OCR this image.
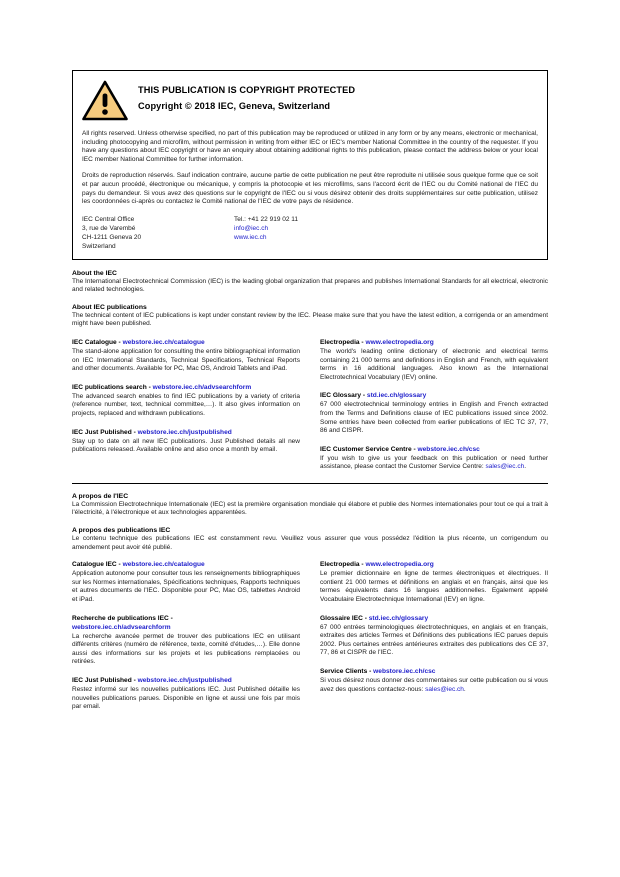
THIS PUBLICATION IS COPYRIGHT PROTECTED
Copyright © 2018 IEC, Geneva, Switzerland

All rights reserved. Unless otherwise specified, no part of this publication may be reproduced or utilized in any form or by any means, electronic or mechanical, including photocopying and microfilm, without permission in writing from either IEC or IEC's member National Committee in the country of the requester. If you have any questions about IEC copyright or have an enquiry about obtaining additional rights to this publication, please contact the address below or your local IEC member National Committee for further information.

Droits de reproduction réservés. Sauf indication contraire, aucune partie de cette publication ne peut être reproduite ni utilisée sous quelque forme que ce soit et par aucun procédé, électronique ou mécanique, y compris la photocopie et les microfilms, sans l'accord écrit de l'IEC ou du Comité national de l'IEC du pays du demandeur. Si vous avez des questions sur le copyright de l'IEC ou si vous désirez obtenir des droits supplémentaires sur cette publication, utilisez les coordonnées ci-après ou contactez le Comité national de l'IEC de votre pays de résidence.

IEC Central Office
3, rue de Varembé
CH-1211 Geneva 20
Switzerland
Tel.: +41 22 919 02 11
info@iec.ch
www.iec.ch
About the IEC

The International Electrotechnical Commission (IEC) is the leading global organization that prepares and publishes International Standards for all electrical, electronic and related technologies.

About IEC publications

The technical content of IEC publications is kept under constant review by the IEC. Please make sure that you have the latest edition, a corrigenda or an amendment might have been published.

IEC Catalogue - webstore.iec.ch/catalogue
The stand-alone application for consulting the entire bibliographical information on IEC International Standards, Technical Specifications, Technical Reports and other documents. Available for PC, Mac OS, Android Tablets and iPad.
IEC publications search - webstore.iec.ch/advsearchform
The advanced search enables to find IEC publications by a variety of criteria (reference number, text, technical committee,…). It also gives information on projects, replaced and withdrawn publications.
IEC Just Published - webstore.iec.ch/justpublished
Stay up to date on all new IEC publications. Just Published details all new publications released. Available online and also once a month by email.
Electropedia - www.electropedia.org
The world's leading online dictionary of electronic and electrical terms containing 21 000 terms and definitions in English and French, with equivalent terms in 16 additional languages. Also known as the International Electrotechnical Vocabulary (IEV) online.
IEC Glossary - std.iec.ch/glossary
67 000 electrotechnical terminology entries in English and French extracted from the Terms and Definitions clause of IEC publications issued since 2002. Some entries have been collected from earlier publications of IEC TC 37, 77, 86 and CISPR.
IEC Customer Service Centre - webstore.iec.ch/csc
If you wish to give us your feedback on this publication or need further assistance, please contact the Customer Service Centre: sales@iec.ch.
A propos de l'IEC

La Commission Electrotechnique Internationale (IEC) est la première organisation mondiale qui élabore et publie des Normes internationales pour tout ce qui a trait à l'électricité, à l'électronique et aux technologies apparentées.

A propos des publications IEC

Le contenu technique des publications IEC est constamment revu. Veuillez vous assurer que vous possédez l'édition la plus récente, un corrigendum ou amendement peut avoir été publié.

Catalogue IEC - webstore.iec.ch/catalogue
Application autonome pour consulter tous les renseignements bibliographiques sur les Normes internationales, Spécifications techniques, Rapports techniques et autres documents de l'IEC. Disponible pour PC, Mac OS, tablettes Android et iPad.
Recherche de publications IEC -
webstore.iec.ch/advsearchform
La recherche avancée permet de trouver des publications IEC en utilisant différents critères (numéro de référence, texte, comité d'études,…). Elle donne aussi des informations sur les projets et les publications remplacées ou retirées.
IEC Just Published - webstore.iec.ch/justpublished
Restez informé sur les nouvelles publications IEC. Just Published détaille les nouvelles publications parues. Disponible en ligne et aussi une fois par mois par email.
Electropedia - www.electropedia.org
Le premier dictionnaire en ligne de termes électroniques et électriques. Il contient 21 000 termes et définitions en anglais et en français, ainsi que les termes équivalents dans 16 langues additionnelles. Egalement appelé Vocabulaire Electrotechnique International (IEV) en ligne.
Glossaire IEC - std.iec.ch/glossary
67 000 entrées terminologiques électrotechniques, en anglais et en français, extraites des articles Termes et Définitions des publications IEC parues depuis 2002. Plus certaines entrées antérieures extraites des publications des CE 37, 77, 86 et CISPR de l'IEC.
Service Clients - webstore.iec.ch/csc
Si vous désirez nous donner des commentaires sur cette publication ou si vous avez des questions contactez-nous: sales@iec.ch.
